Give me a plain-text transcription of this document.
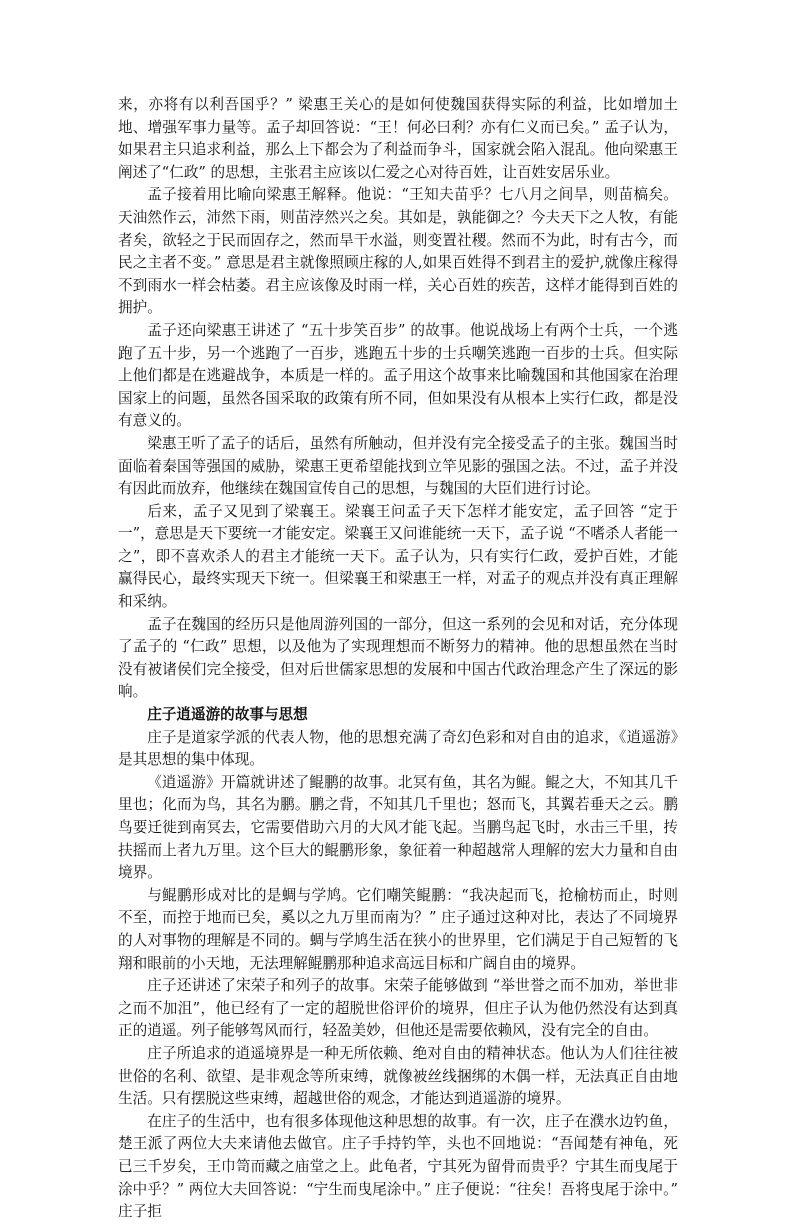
来，亦将有以利吾国乎？” 梁惠王关心的是如何使魏国获得实际的利益，比如增加土地、增强军事力量等。孟子却回答说：“王！何必曰利？亦有仁义而已矣。” 孟子认为，如果君主只追求利益，那么上下都会为了利益而争斗，国家就会陷入混乱。他向梁惠王阐述了“仁政” 的思想，主张君主应该以仁爱之心对待百姓，让百姓安居乐业。

孟子接着用比喻向梁惠王解释。他说：“王知夫苗乎？七八月之间旱，则苗槁矣。天油然作云，沛然下雨，则苗浡然兴之矣。其如是，孰能御之？今夫天下之人牧，有能者矣，欲轻之于民而固存之，然而旱干水溢，则变置社稷。然而不为此，时有古今，而民之主者不变。” 意思是君主就像照顾庄稼的人,如果百姓得不到君主的爱护,就像庄稼得不到雨水一样会枯萎。君主应该像及时雨一样，关心百姓的疾苦，这样才能得到百姓的拥护。

孟子还向梁惠王讲述了 “五十步笑百步” 的故事。他说战场上有两个士兵，一个逃跑了五十步，另一个逃跑了一百步，逃跑五十步的士兵嘲笑逃跑一百步的士兵。但实际上他们都是在逃避战争，本质是一样的。孟子用这个故事来比喻魏国和其他国家在治理国家上的问题，虽然各国采取的政策有所不同，但如果没有从根本上实行仁政，都是没有意义的。

梁惠王听了孟子的话后，虽然有所触动，但并没有完全接受孟子的主张。魏国当时面临着秦国等强国的威胁，梁惠王更希望能找到立竿见影的强国之法。不过，孟子并没有因此而放弃，他继续在魏国宣传自己的思想，与魏国的大臣们进行讨论。

后来，孟子又见到了梁襄王。梁襄王问孟子天下怎样才能安定，孟子回答 “定于一”，意思是天下要统一才能安定。梁襄王又问谁能统一天下，孟子说 “不嗜杀人者能一之”，即不喜欢杀人的君主才能统一天下。孟子认为，只有实行仁政，爱护百姓，才能赢得民心，最终实现天下统一。但梁襄王和梁惠王一样，对孟子的观点并没有真正理解和采纳。

孟子在魏国的经历只是他周游列国的一部分，但这一系列的会见和对话，充分体现了孟子的 “仁政” 思想，以及他为了实现理想而不断努力的精神。他的思想虽然在当时没有被诸侯们完全接受，但对后世儒家思想的发展和中国古代政治理念产生了深远的影响。

庄子逍遥游的故事与思想

庄子是道家学派的代表人物，他的思想充满了奇幻色彩和对自由的追求，《逍遥游》是其思想的集中体现。

《逍遥游》开篇就讲述了鲲鹏的故事。北冥有鱼，其名为鲲。鲲之大，不知其几千里也；化而为鸟，其名为鹏。鹏之背，不知其几千里也；怒而飞，其翼若垂天之云。鹏鸟要迁徙到南冥去，它需要借助六月的大风才能飞起。当鹏鸟起飞时，水击三千里，抟扶摇而上者九万里。这个巨大的鲲鹏形象，象征着一种超越常人理解的宏大力量和自由境界。

与鲲鹏形成对比的是蜩与学鸠。它们嘲笑鲲鹏：“我决起而飞，抢榆枋而止，时则不至，而控于地而已矣，奚以之九万里而南为？” 庄子通过这种对比，表达了不同境界的人对事物的理解是不同的。蜩与学鸠生活在狭小的世界里，它们满足于自己短暂的飞翔和眼前的小天地，无法理解鲲鹏那种追求高远目标和广阔自由的境界。

庄子还讲述了宋荣子和列子的故事。宋荣子能够做到 “举世誉之而不加劝，举世非之而不加沮”，他已经有了一定的超脱世俗评价的境界，但庄子认为他仍然没有达到真正的逍遥。列子能够驾风而行，轻盈美妙，但他还是需要依赖风，没有完全的自由。

庄子所追求的逍遥境界是一种无所依赖、绝对自由的精神状态。他认为人们往往被世俗的名利、欲望、是非观念等所束缚，就像被丝线捆绑的木偶一样，无法真正自由地生活。只有摆脱这些束缚，超越世俗的观念，才能达到逍遥游的境界。

在庄子的生活中，也有很多体现他这种思想的故事。有一次，庄子在濮水边钓鱼，楚王派了两位大夫来请他去做官。庄子手持钓竿，头也不回地说：“吾闻楚有神龟，死已三千岁矣，王巾笥而藏之庙堂之上。此龟者，宁其死为留骨而贵乎？宁其生而曳尾于涂中乎？” 两位大夫回答说：“宁生而曳尾涂中。” 庄子便说：“往矣！吾将曳尾于涂中。” 庄子拒
